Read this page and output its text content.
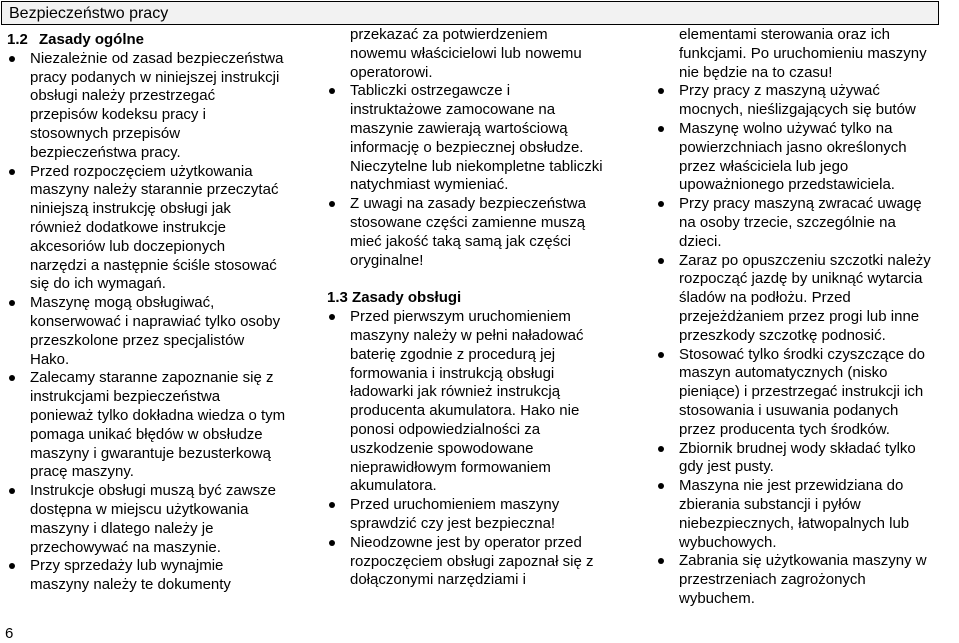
Bezpieczeństwo pracy
1.2 Zasady ogólne
Niezależnie od zasad bezpieczeństwa
pracy podanych w niniejszej instrukcji
obsługi należy przestrzegać
przepisów kodeksu pracy i
stosownych przepisów
bezpieczeństwa pracy.
Przed rozpoczęciem użytkowania
maszyny należy starannie przeczytać
niniejszą instrukcję obsługi jak
również dodatkowe instrukcje
akcesoriów lub doczepionych
narzędzi a następnie ściśle stosować
się do ich wymagań.
Maszynę mogą obsługiwać,
konserwować i naprawiać tylko osoby
przeszkolone przez specjalistów
Hako.
Zalecamy staranne zapoznanie się z
instrukcjami bezpieczeństwa
ponieważ tylko dokładna wiedza o tym
pomaga unikać błędów w obsłudze
maszyny i gwarantuje bezusterkową
pracę maszyny.
Instrukcje obsługi muszą być zawsze
dostępna w miejscu użytkowania
maszyny i dlatego należy je
przechowywać na maszynie.
Przy sprzedaży lub wynajmie
maszyny należy te dokumenty
przekazać za potwierdzeniem
nowemu właścicielowi lub nowemu
operatorowi.
Tabliczki ostrzegawcze i
instruktażowe zamocowane na
maszynie zawierają wartościową
informację o bezpiecznej obsłudze.
Nieczytelne lub niekompletne tabliczki
natychmiast wymieniać.
Z uwagi na zasady bezpieczeństwa
stosowane części zamienne muszą
mieć jakość taką samą jak części
oryginalne!
1.3 Zasady obsługi
Przed pierwszym uruchomieniem
maszyny należy w pełni naładować
baterię zgodnie z procedurą jej
formowania i instrukcją obsługi
ładowarki jak również instrukcją
producenta akumulatora. Hako nie
ponosi odpowiedzialności za
uszkodzenie spowodowane
nieprawidłowym formowaniem
akumulatora.
Przed uruchomieniem maszyny
sprawdzić czy jest bezpieczna!
Nieodzowne jest by operator przed
rozpoczęciem obsługi zapoznał się z
dołączonymi narzędziami i
elementami sterowania oraz ich
funkcjami. Po uruchomieniu maszyny
nie będzie na to czasu!
Przy pracy z maszyną używać
mocnych, nieślizgających się butów
Maszynę wolno używać tylko na
powierzchniach jasno określonych
przez właściciela lub jego
upoważnionego przedstawiciela.
Przy pracy maszyną zwracać uwagę
na osoby trzecie, szczególnie na
dzieci.
Zaraz po opuszczeniu szczotki należy
rozpocząć jazdę by uniknąć wytarcia
śladów na podłożu. Przed
przejeżdżaniem przez progi lub inne
przeszkody szczotkę podnosić.
Stosować tylko środki czyszczące do
maszyn automatycznych (nisko
pieniące) i przestrzegać instrukcji ich
stosowania i usuwania podanych
przez producenta tych środków.
Zbiornik brudnej wody składać tylko
gdy jest pusty.
Maszyna nie jest przewidziana do
zbierania substancji i pyłów
niebezpiecznych, łatwopalnych lub
wybuchowych.
Zabrania się użytkowania maszyny w
przestrzeniach zagrożonych
wybuchem.
6
